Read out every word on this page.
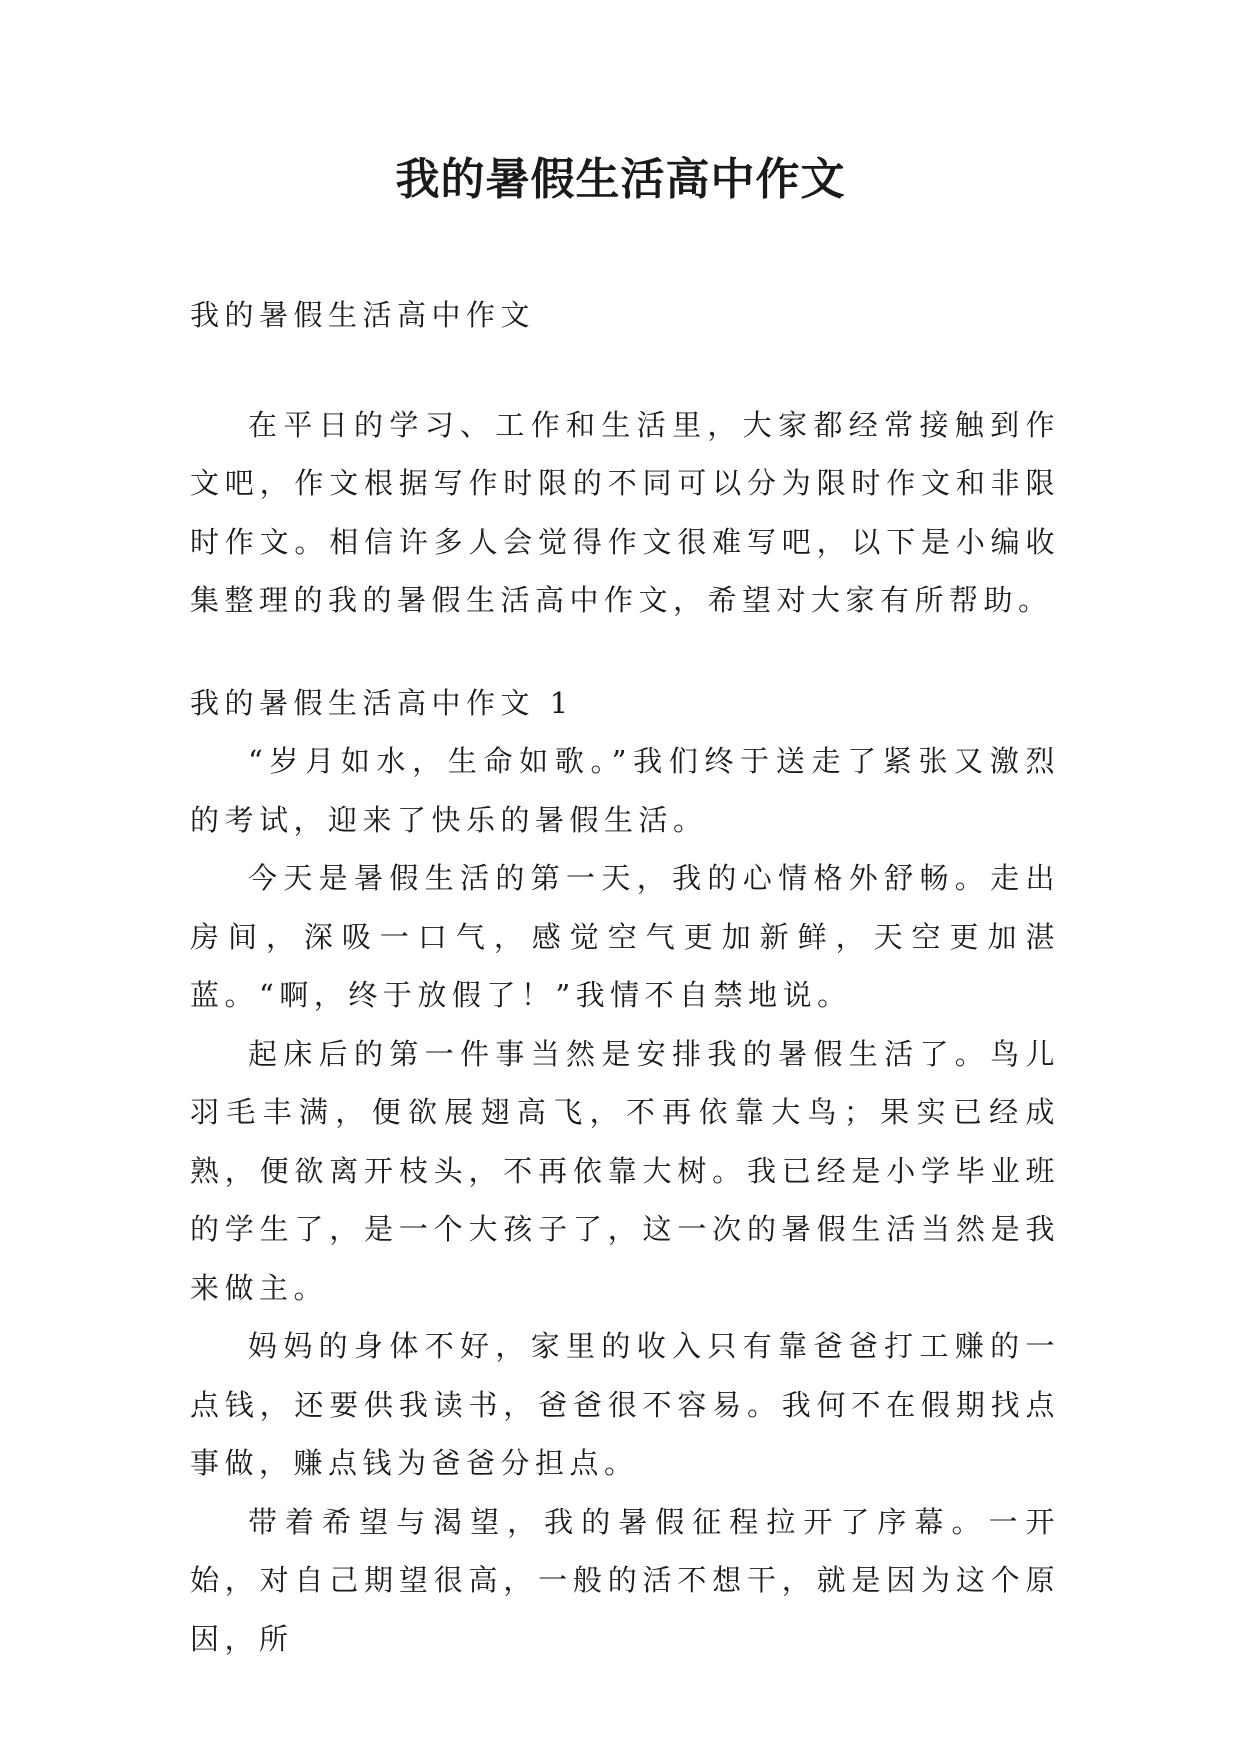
我的暑假生活高中作文

我的暑假生活高中作文

在平日的学习、工作和生活里，大家都经常接触到作文吧，作文根据写作时限的不同可以分为限时作文和非限时作文。相信许多人会觉得作文很难写吧，以下是小编收集整理的我的暑假生活高中作文，希望对大家有所帮助。

我的暑假生活高中作文 1

“岁月如水，生命如歌。”我们终于送走了紧张又激烈的考试，迎来了快乐的暑假生活。

今天是暑假生活的第一天，我的心情格外舒畅。走出房间，深吸一口气，感觉空气更加新鲜，天空更加湛蓝。“啊，终于放假了！”我情不自禁地说。

起床后的第一件事当然是安排我的暑假生活了。鸟儿羽毛丰满，便欲展翅高飞，不再依靠大鸟；果实已经成熟，便欲离开枝头，不再依靠大树。我已经是小学毕业班的学生了，是一个大孩子了，这一次的暑假生活当然是我来做主。

妈妈的身体不好，家里的收入只有靠爸爸打工赚的一点钱，还要供我读书，爸爸很不容易。我何不在假期找点事做，赚点钱为爸爸分担点。

带着希望与渴望，我的暑假征程拉开了序幕。一开始，对自己期望很高，一般的活不想干，就是因为这个原因，所
